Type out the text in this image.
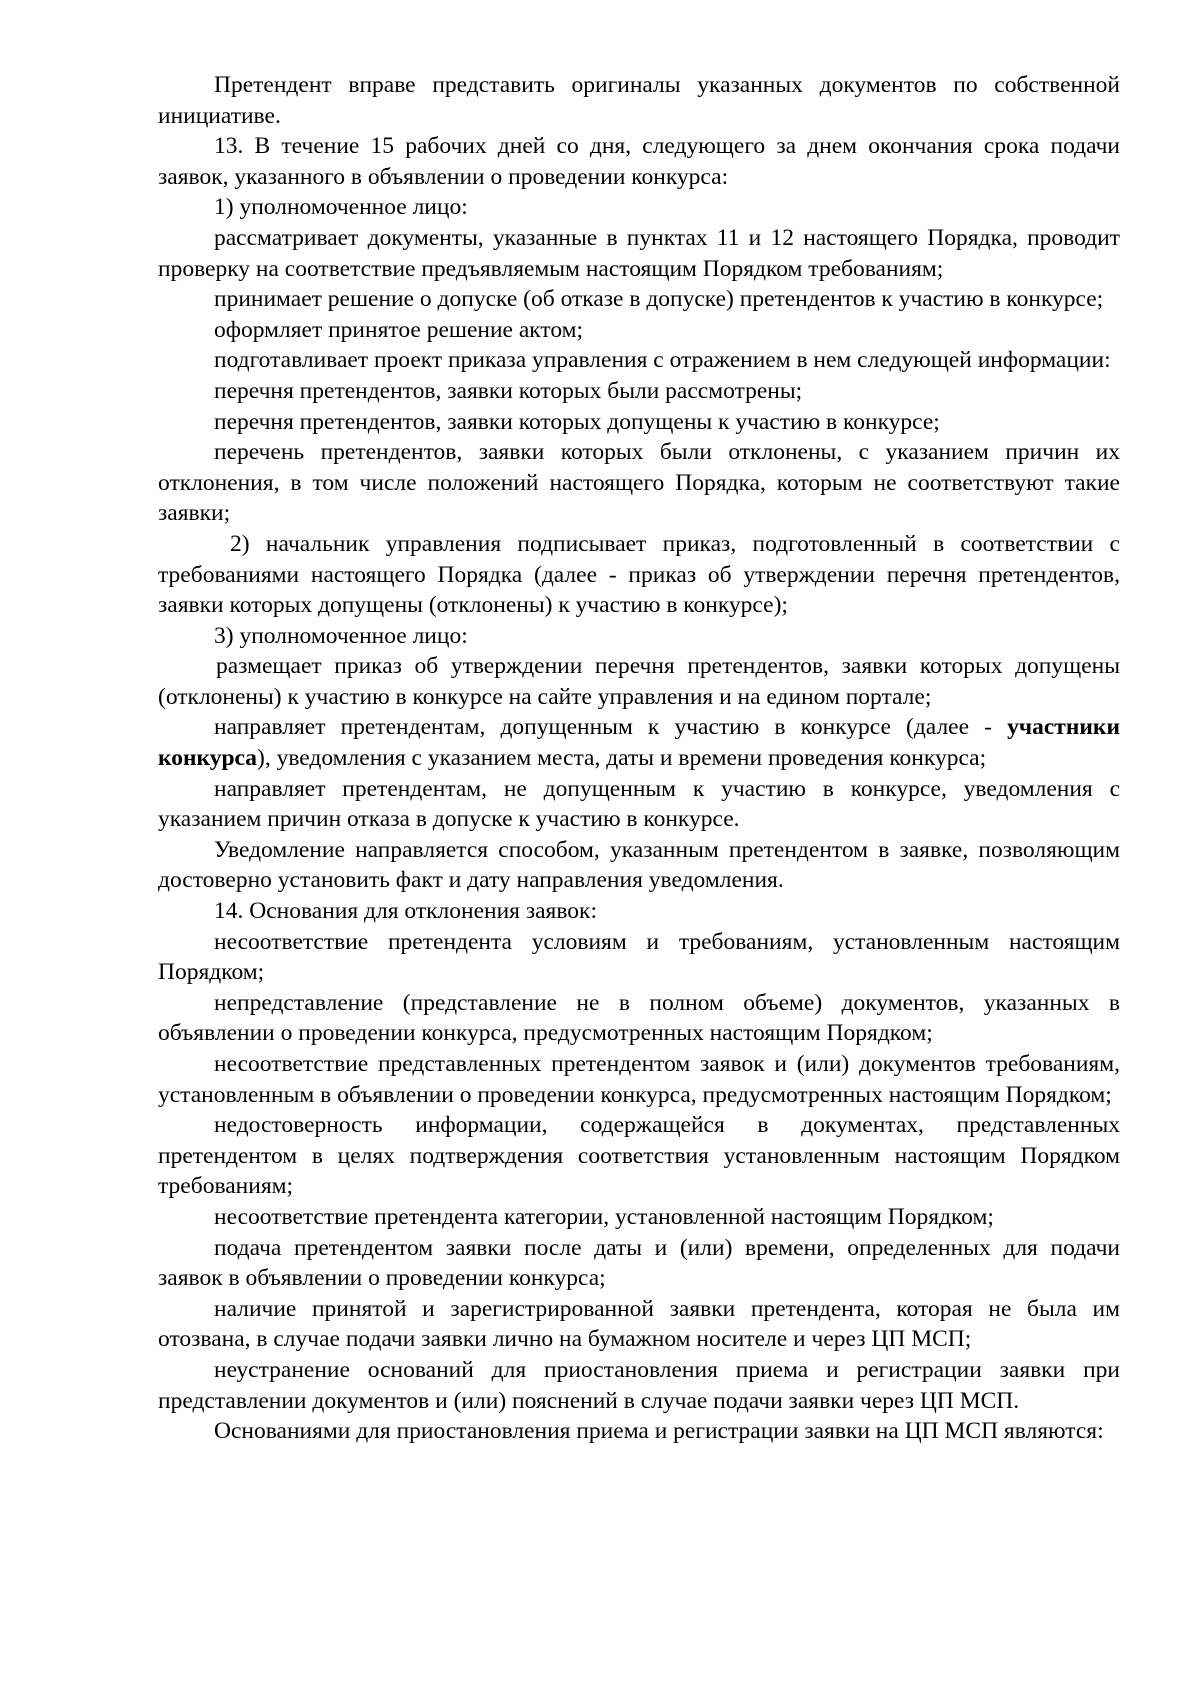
Претендент вправе представить оригиналы указанных документов по собственной инициативе.

13. В течение 15 рабочих дней со дня, следующего за днем окончания срока подачи заявок, указанного в объявлении о проведении конкурса:

1) уполномоченное лицо:

рассматривает документы, указанные в пунктах 11 и 12 настоящего Порядка, проводит проверку на соответствие предъявляемым настоящим Порядком требованиям;

принимает решение о допуске (об отказе в допуске) претендентов к участию в конкурсе;

оформляет принятое решение актом;

подготавливает проект приказа управления с отражением в нем следующей информации:

перечня претендентов, заявки которых были рассмотрены;

перечня претендентов, заявки которых допущены к участию в конкурсе;

перечень претендентов, заявки которых были отклонены, с указанием причин их отклонения, в том числе положений настоящего Порядка, которым не соответствуют такие заявки;

2) начальник управления подписывает приказ, подготовленный в соответствии с требованиями настоящего Порядка (далее - приказ об утверждении перечня претендентов, заявки которых допущены (отклонены) к участию в конкурсе);

3) уполномоченное лицо:

размещает приказ об утверждении перечня претендентов, заявки которых допущены (отклонены) к участию в конкурсе на сайте управления и на едином портале;

направляет претендентам, допущенным к участию в конкурсе (далее - участники конкурса), уведомления с указанием места, даты и времени проведения конкурса;

направляет претендентам, не допущенным к участию в конкурсе, уведомления с указанием причин отказа в допуске к участию в конкурсе.

Уведомление направляется способом, указанным претендентом в заявке, позволяющим достоверно установить факт и дату направления уведомления.

14. Основания для отклонения заявок:

несоответствие претендента условиям и требованиям, установленным настоящим Порядком;

непредставление (представление не в полном объеме) документов, указанных в объявлении о проведении конкурса, предусмотренных настоящим Порядком;

несоответствие представленных претендентом заявок и (или) документов требованиям, установленным в объявлении о проведении конкурса, предусмотренных настоящим Порядком;

недостоверность информации, содержащейся в документах, представленных претендентом в целях подтверждения соответствия установленным настоящим Порядком требованиям;

несоответствие претендента категории, установленной настоящим Порядком;

подача претендентом заявки после даты и (или) времени, определенных для подачи заявок в объявлении о проведении конкурса;

наличие принятой и зарегистрированной заявки претендента, которая не была им отозвана, в случае подачи заявки лично на бумажном носителе и через ЦП МСП;

неустранение оснований для приостановления приема и регистрации заявки при представлении документов и (или) пояснений в случае подачи заявки через ЦП МСП.

Основаниями для приостановления приема и регистрации заявки на ЦП МСП являются:
